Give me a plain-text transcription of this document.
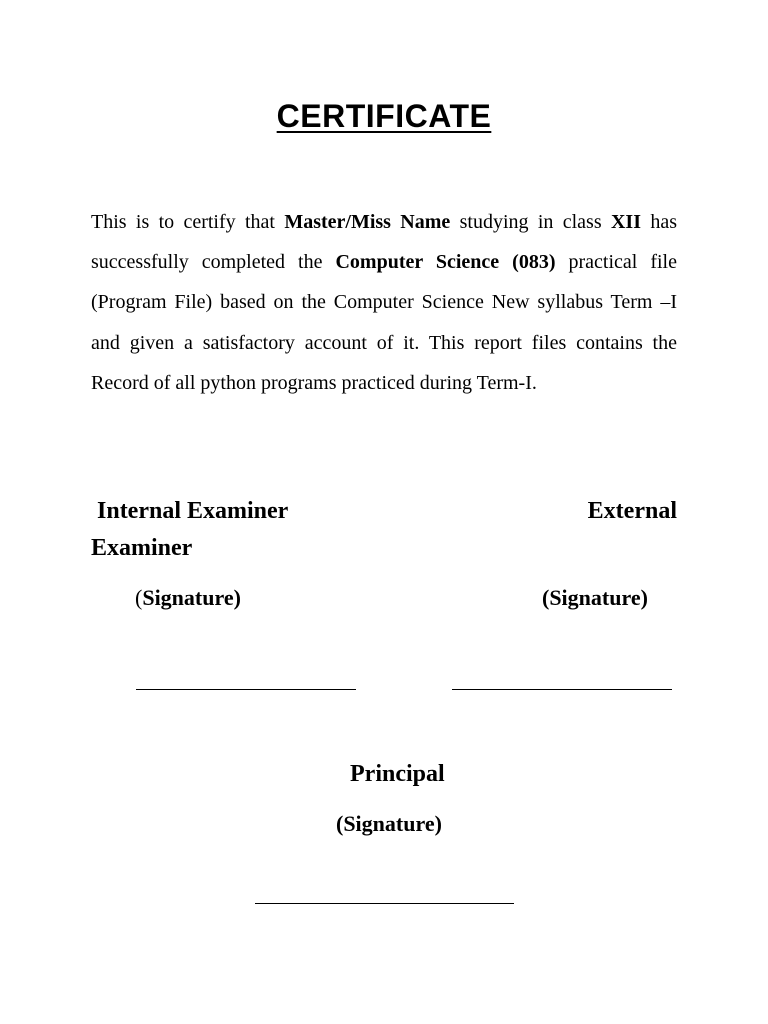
CERTIFICATE

This is to certify that Master/Miss Name studying in class XII has successfully completed the Computer Science (083) practical file (Program File) based on the Computer Science New syllabus Term –I and given a satisfactory account of it. This report files contains the Record of all python programs practiced during Term-I.

Internal Examiner	External
Examiner
(Signature)	(Signature)
Principal
(Signature)
